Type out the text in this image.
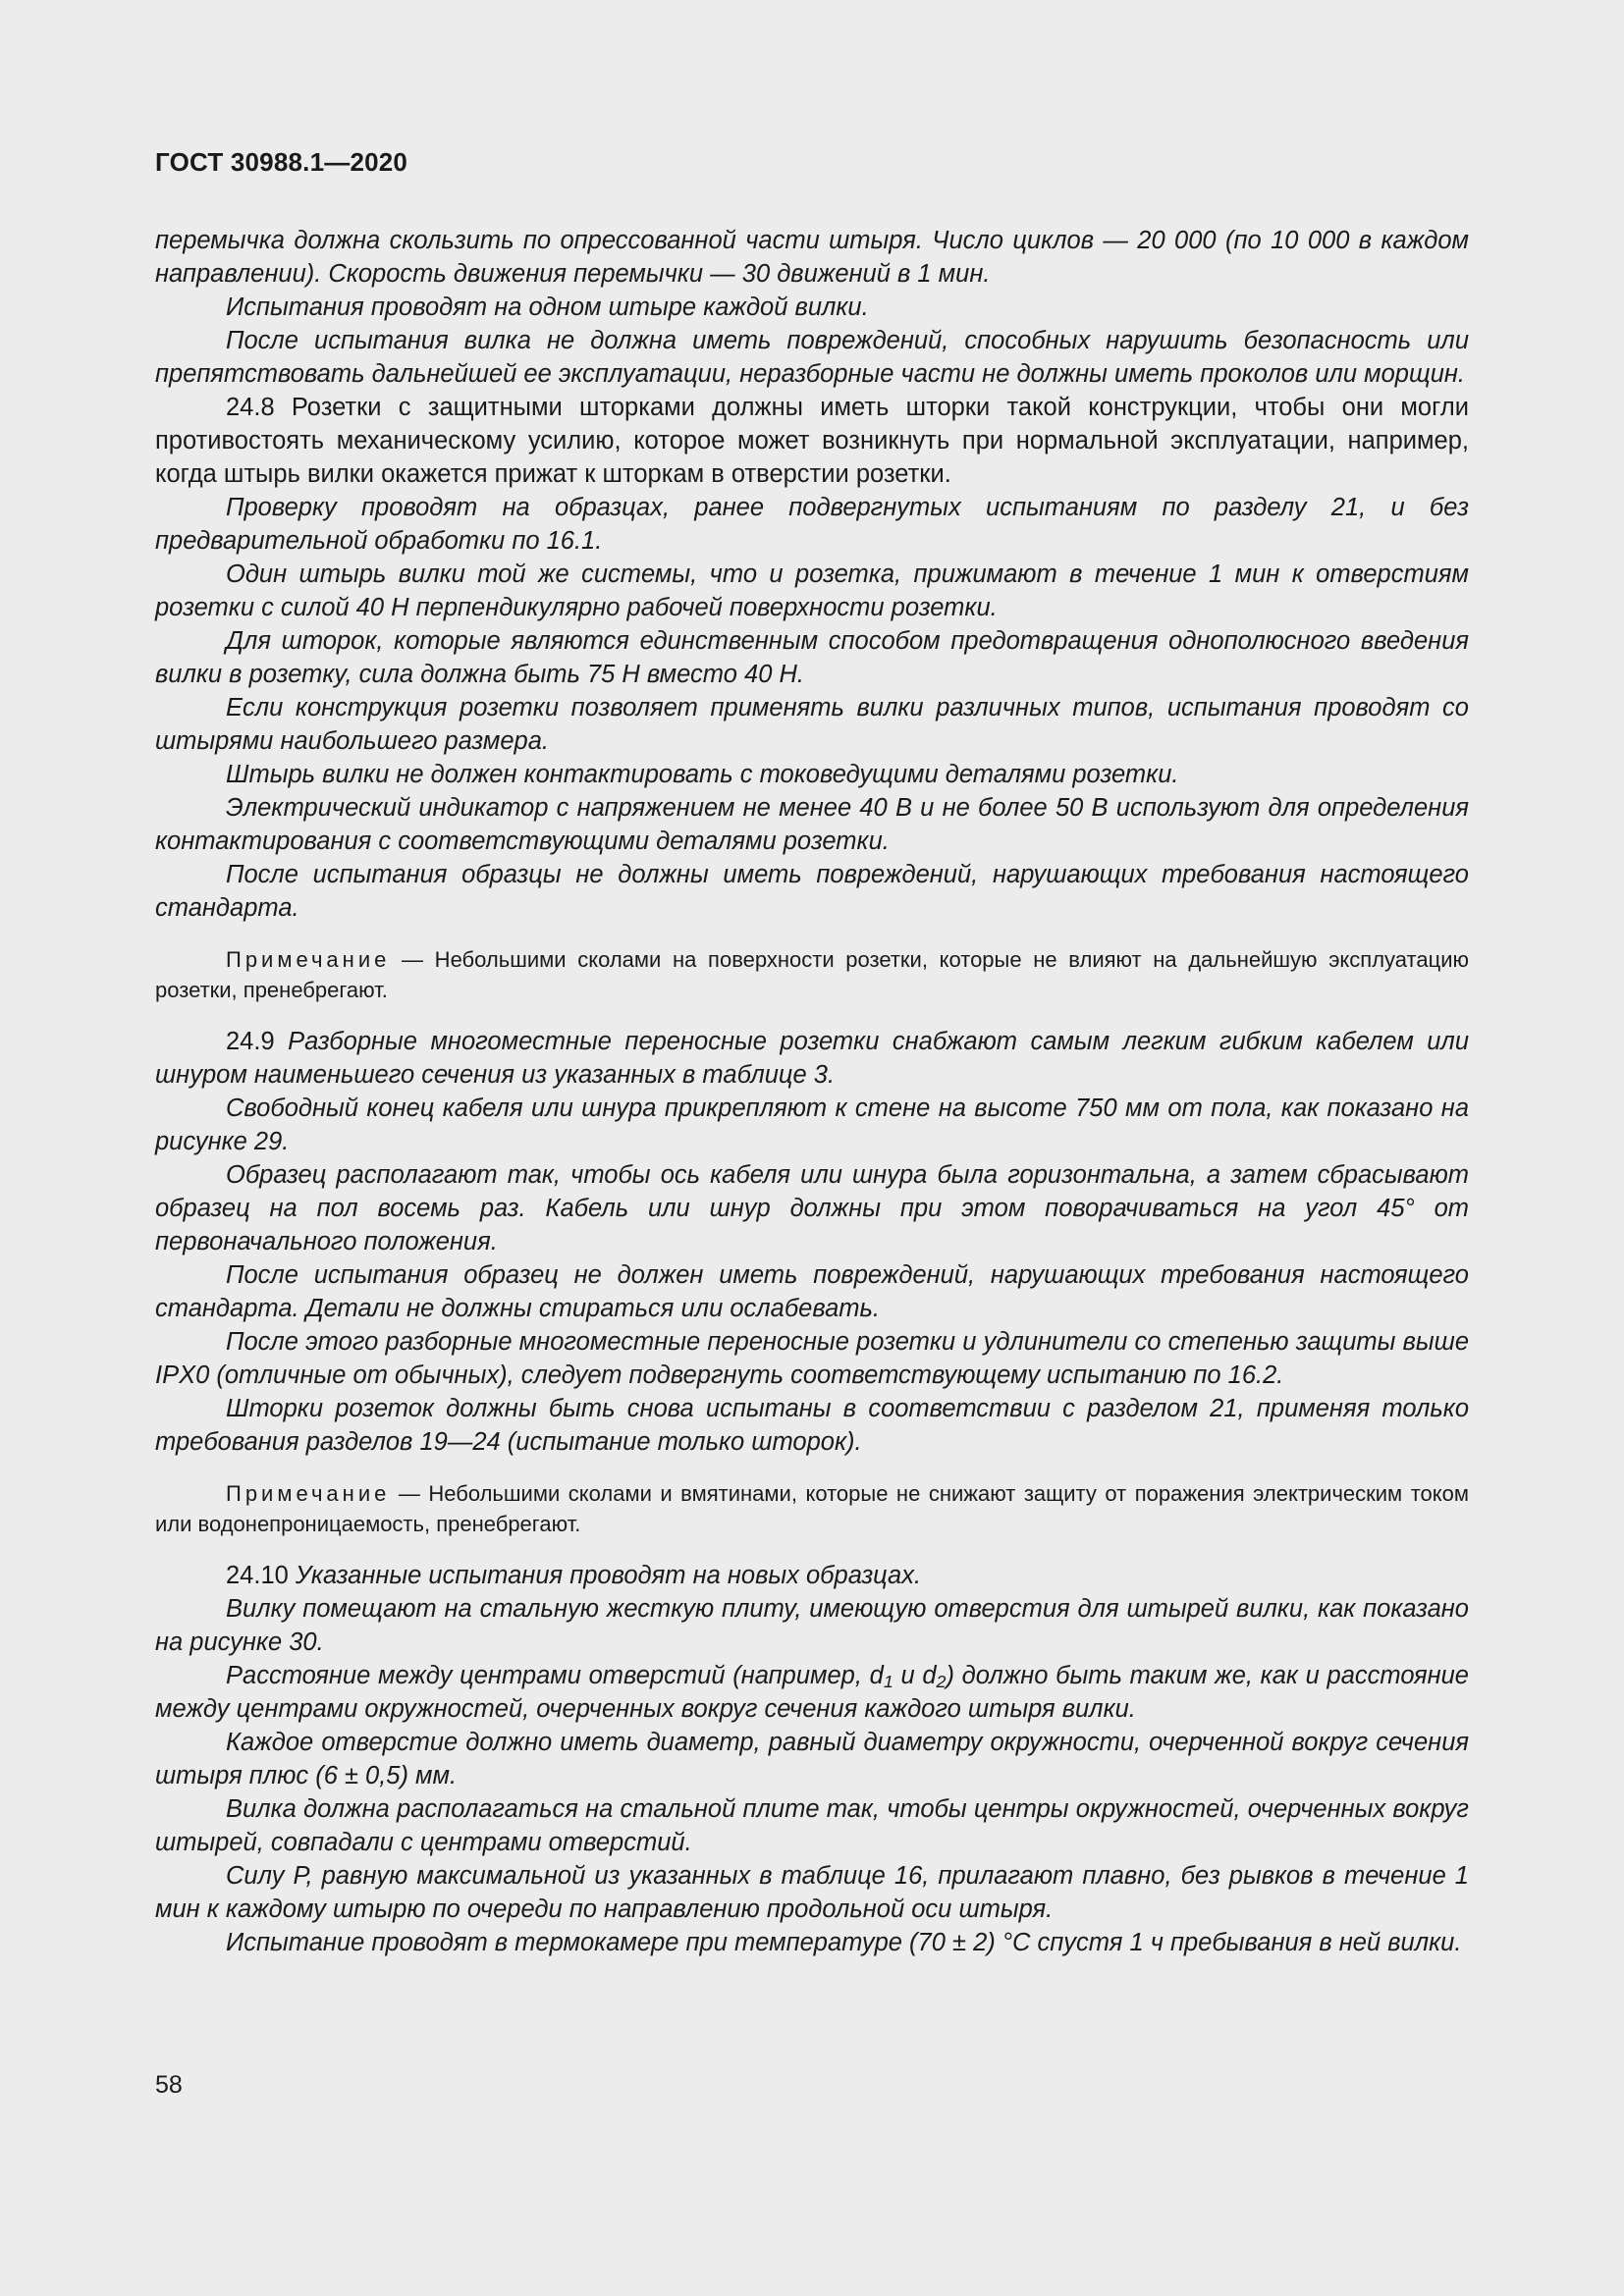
ГОСТ 30988.1—2020

перемычка должна скользить по опрессованной части штыря. Число циклов — 20 000 (по 10 000 в каждом направлении). Скорость движения перемычки — 30 движений в 1 мин.

Испытания проводят на одном штыре каждой вилки.

После испытания вилка не должна иметь повреждений, способных нарушить безопасность или препятствовать дальнейшей ее эксплуатации, неразборные части не должны иметь проколов или морщин.

24.8 Розетки с защитными шторками должны иметь шторки такой конструкции, чтобы они могли противостоять механическому усилию, которое может возникнуть при нормальной эксплуатации, например, когда штырь вилки окажется прижат к шторкам в отверстии розетки.

Проверку проводят на образцах, ранее подвергнутых испытаниям по разделу 21, и без предварительной обработки по 16.1.

Один штырь вилки той же системы, что и розетка, прижимают в течение 1 мин к отверстиям розетки с силой 40 Н перпендикулярно рабочей поверхности розетки.

Для шторок, которые являются единственным способом предотвращения однополюсного введения вилки в розетку, сила должна быть 75 Н вместо 40 Н.

Если конструкция розетки позволяет применять вилки различных типов, испытания проводят со штырями наибольшего размера.

Штырь вилки не должен контактировать с токоведущими деталями розетки.

Электрический индикатор с напряжением не менее 40 В и не более 50 В используют для определения контактирования с соответствующими деталями розетки.

После испытания образцы не должны иметь повреждений, нарушающих требования настоящего стандарта.

Примечание — Небольшими сколами на поверхности розетки, которые не влияют на дальнейшую эксплуатацию розетки, пренебрегают.

24.9 Разборные многоместные переносные розетки снабжают самым легким гибким кабелем или шнуром наименьшего сечения из указанных в таблице 3.

Свободный конец кабеля или шнура прикрепляют к стене на высоте 750 мм от пола, как показано на рисунке 29.

Образец располагают так, чтобы ось кабеля или шнура была горизонтальна, а затем сбрасывают образец на пол восемь раз. Кабель или шнур должны при этом поворачиваться на угол 45° от первоначального положения.

После испытания образец не должен иметь повреждений, нарушающих требования настоящего стандарта. Детали не должны стираться или ослабевать.

После этого разборные многоместные переносные розетки и удлинители со степенью защиты выше IPX0 (отличные от обычных), следует подвергнуть соответствующему испытанию по 16.2.

Шторки розеток должны быть снова испытаны в соответствии с разделом 21, применяя только требования разделов 19—24 (испытание только шторок).

Примечание — Небольшими сколами и вмятинами, которые не снижают защиту от поражения электрическим током или водонепроницаемость, пренебрегают.

24.10 Указанные испытания проводят на новых образцах.

Вилку помещают на стальную жесткую плиту, имеющую отверстия для штырей вилки, как показано на рисунке 30.

Расстояние между центрами отверстий (например, $d_1$ и $d_2$) должно быть таким же, как и расстояние между центрами окружностей, очерченных вокруг сечения каждого штыря вилки.

Каждое отверстие должно иметь диаметр, равный диаметру окружности, очерченной вокруг сечения штыря плюс (6 ± 0,5) мм.

Вилка должна располагаться на стальной плите так, чтобы центры окружностей, очерченных вокруг штырей, совпадали с центрами отверстий.

Силу Р, равную максимальной из указанных в таблице 16, прилагают плавно, без рывков в течение 1 мин к каждому штырю по очереди по направлению продольной оси штыря.

Испытание проводят в термокамере при температуре (70 ± 2) °С спустя 1 ч пребывания в ней вилки.

58
